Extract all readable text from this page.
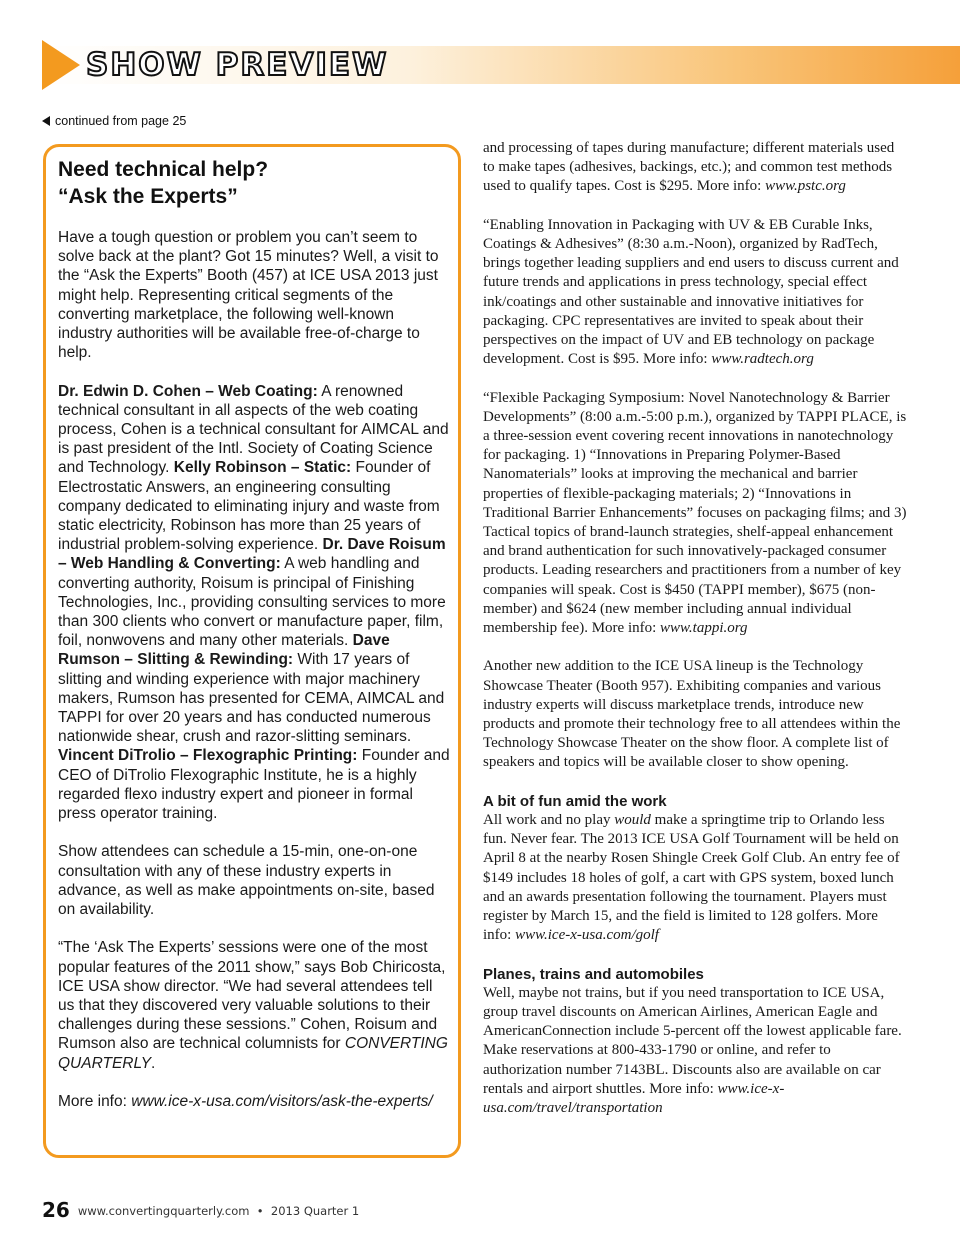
SHOW PREVIEW
continued from page 25
Need technical help?
“Ask the Experts”

Have a tough question or problem you can’t seem to solve back at the plant? Got 15 minutes? Well, a visit to the “Ask the Experts” Booth (457) at ICE USA 2013 just might help. Representing critical segments of the converting marketplace, the following well-known industry authorities will be available free-of-charge to help.

Dr. Edwin D. Cohen – Web Coating: A renowned technical consultant in all aspects of the web coating process, Cohen is a technical consultant for AIMCAL and is past president of the Intl. Society of Coating Science and Technology. Kelly Robinson – Static: Founder of Electrostatic Answers, an engineering consulting company dedicated to eliminating injury and waste from static electricity, Robinson has more than 25 years of industrial problem-solving experience. Dr. Dave Roisum – Web Handling & Converting: A web handling and converting authority, Roisum is principal of Finishing Technologies, Inc., providing consulting services to more than 300 clients who convert or manufacture paper, film, foil, nonwovens and many other materials. Dave Rumson – Slitting & Rewinding: With 17 years of slitting and winding experience with major machinery makers, Rumson has presented for CEMA, AIMCAL and TAPPI for over 20 years and has conducted numerous nationwide shear, crush and razor-slitting seminars. Vincent DiTrolio – Flexographic Printing: Founder and CEO of DiTrolio Flexographic Institute, he is a highly regarded flexo industry expert and pioneer in formal press operator training.

Show attendees can schedule a 15-min, one-on-one consultation with any of these industry experts in advance, as well as make appointments on-site, based on availability.

“The ‘Ask The Experts’ sessions were one of the most popular features of the 2011 show,” says Bob Chiricosta, ICE USA show director. “We had several attendees tell us that they discovered very valuable solutions to their challenges during these sessions.” Cohen, Roisum and Rumson also are technical columnists for CONVERTING QUARTERLY.

More info: www.ice-x-usa.com/visitors/ask-the-experts/

and processing of tapes during manufacture; different materials used to make tapes (adhesives, backings, etc.); and common test methods used to qualify tapes. Cost is $295. More info: www.pstc.org

“Enabling Innovation in Packaging with UV & EB Curable Inks, Coatings & Adhesives” (8:30 a.m.-Noon), organized by RadTech, brings together leading suppliers and end users to discuss current and future trends and applications in press technology, special effect ink/coatings and other sustainable and innovative initiatives for packaging. CPC representatives are invited to speak about their perspectives on the impact of UV and EB technology on package development. Cost is $95. More info: www.radtech.org

“Flexible Packaging Symposium: Novel Nanotechnology & Barrier Developments” (8:00 a.m.-5:00 p.m.), organized by TAPPI PLACE, is a three-session event covering recent innovations in nanotechnology for packaging. 1) “Innovations in Preparing Polymer-Based Nanomaterials” looks at improving the mechanical and barrier properties of flexible-packaging materials; 2) “Innovations in Traditional Barrier Enhancements” focuses on packaging films; and 3) Tactical topics of brand-launch strategies, shelf-appeal enhancement and brand authentication for such innovatively-packaged consumer products. Leading researchers and practitioners from a number of key companies will speak. Cost is $450 (TAPPI member), $675 (non-member) and $624 (new member including annual individual membership fee). More info: www.tappi.org

Another new addition to the ICE USA lineup is the Technology Showcase Theater (Booth 957). Exhibiting companies and various industry experts will discuss marketplace trends, introduce new products and promote their technology free to all attendees within the Technology Showcase Theater on the show floor. A complete list of speakers and topics will be available closer to show opening.

A bit of fun amid the work

All work and no play would make a springtime trip to Orlando less fun. Never fear. The 2013 ICE USA Golf Tournament will be held on April 8 at the nearby Rosen Shingle Creek Golf Club. An entry fee of $149 includes 18 holes of golf, a cart with GPS system, boxed lunch and an awards presentation following the tournament. Players must register by March 15, and the field is limited to 128 golfers. More info: www.ice-x-usa.com/golf

Planes, trains and automobiles

Well, maybe not trains, but if you need transportation to ICE USA, group travel discounts on American Airlines, American Eagle and AmericanConnection include 5-percent off the lowest applicable fare. Make reservations at 800-433-1790 or online, and refer to authorization number 7143BL. Discounts also are available on car rentals and airport shuttles. More info: www.ice-x-usa.com/travel/transportation

26 www.convertingquarterly.com • 2013 Quarter 1
